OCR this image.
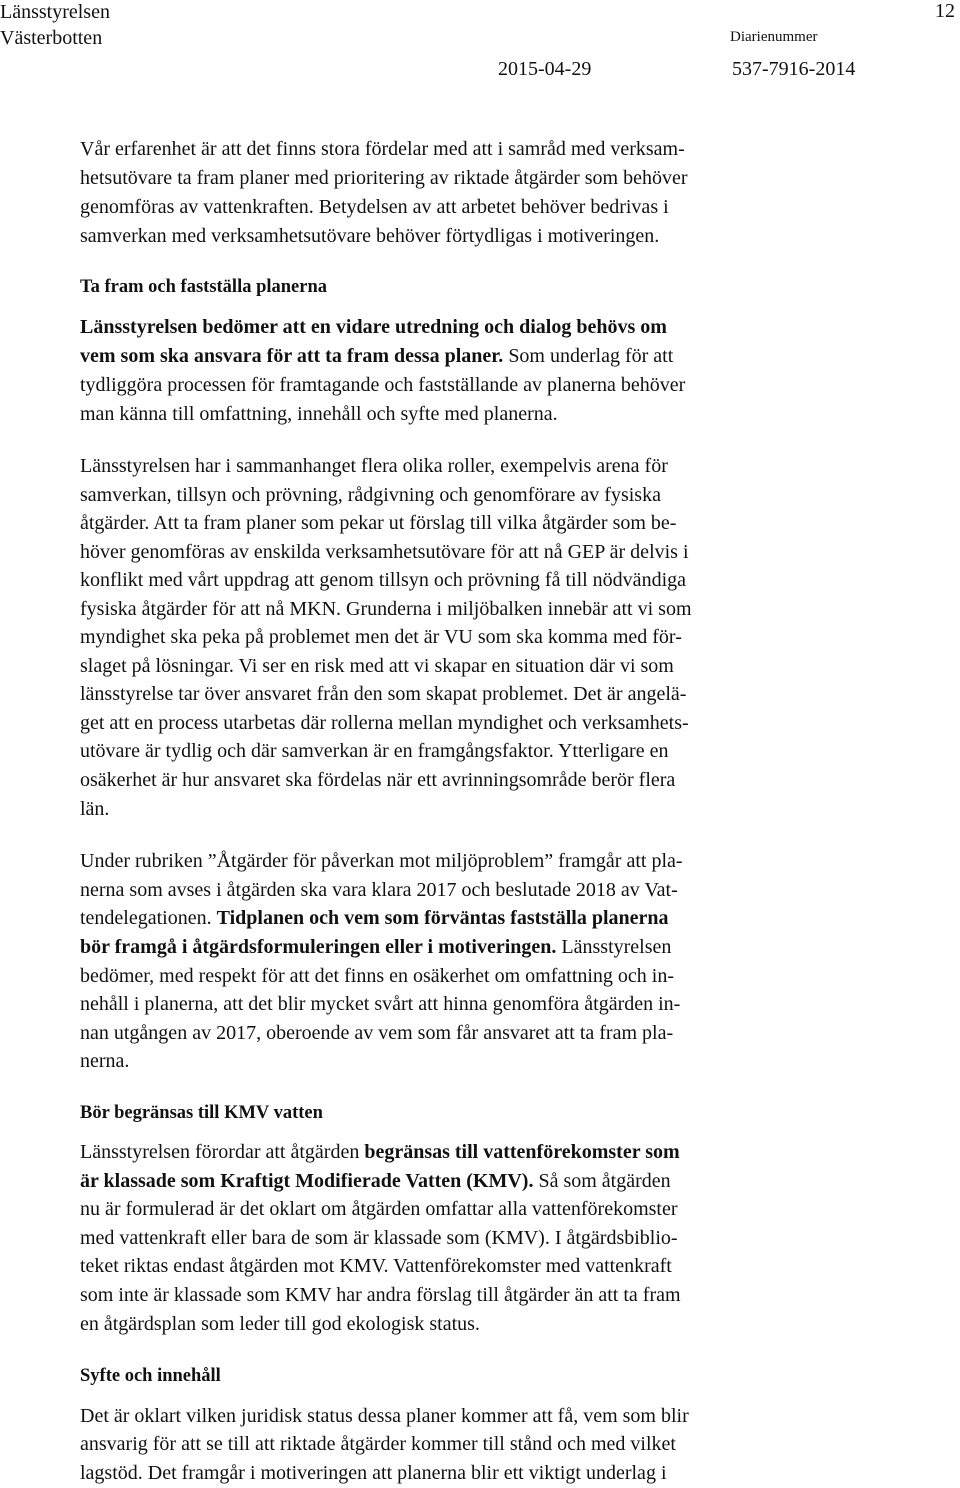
Länsstyrelsen
Västerbotten	Diarienummer
2015-04-29	537-7916-2014
12
Vår erfarenhet är att det finns stora fördelar med att i samråd med verksam-
hetsutövare ta fram planer med prioritering av riktade åtgärder som behöver
genomföras av vattenkraften. Betydelsen av att arbetet behöver bedrivas i
samverkan med verksamhetsutövare behöver förtydligas i motiveringen.
Ta fram och fastställa planerna
Länsstyrelsen bedömer att en vidare utredning och dialog behövs om
vem som ska ansvara för att ta fram dessa planer. Som underlag för att
tydliggöra processen för framtagande och fastställande av planerna behöver
man känna till omfattning, innehåll och syfte med planerna.
Länsstyrelsen har i sammanhanget flera olika roller, exempelvis arena för
samverkan, tillsyn och prövning, rådgivning och genomförare av fysiska
åtgärder. Att ta fram planer som pekar ut förslag till vilka åtgärder som be-
höver genomföras av enskilda verksamhetsutövare för att nå GEP är delvis i
konflikt med vårt uppdrag att genom tillsyn och prövning få till nödvändiga
fysiska åtgärder för att nå MKN. Grunderna i miljöbalken innebär att vi som
myndighet ska peka på problemet men det är VU som ska komma med för-
slaget på lösningar. Vi ser en risk med att vi skapar en situation där vi som
länsstyrelse tar över ansvaret från den som skapat problemet. Det är angelä-
get att en process utarbetas där rollerna mellan myndighet och verksamhets-
utövare är tydlig och där samverkan är en framgångsfaktor. Ytterligare en
osäkerhet är hur ansvaret ska fördelas när ett avrinningsområde berör flera
län.
Under rubriken ”Åtgärder för påverkan mot miljöproblem” framgår att pla-
nerna som avses i åtgärden ska vara klara 2017 och beslutade 2018 av Vat-
tendelegationen. Tidplanen och vem som förväntas fastställa planerna
bör framgå i åtgärdsformuleringen eller i motiveringen. Länsstyrelsen
bedömer, med respekt för att det finns en osäkerhet om omfattning och in-
nehåll i planerna, att det blir mycket svårt att hinna genomföra åtgärden in-
nan utgången av 2017, oberoende av vem som får ansvaret att ta fram pla-
nerna.
Bör begränsas till KMV vatten
Länsstyrelsen förordar att åtgärden begränsas till vattenförekomster som
är klassade som Kraftigt Modifierade Vatten (KMV). Så som åtgärden
nu är formulerad är det oklart om åtgärden omfattar alla vattenförekomster
med vattenkraft eller bara de som är klassade som (KMV). I åtgärdsbiblio-
teket riktas endast åtgärden mot KMV. Vattenförekomster med vattenkraft
som inte är klassade som KMV har andra förslag till åtgärder än att ta fram
en åtgärdsplan som leder till god ekologisk status.
Syfte och innehåll
Det är oklart vilken juridisk status dessa planer kommer att få, vem som blir
ansvarig för att se till att riktade åtgärder kommer till stånd och med vilket
lagstöd. Det framgår i motiveringen att planerna blir ett viktigt underlag i
